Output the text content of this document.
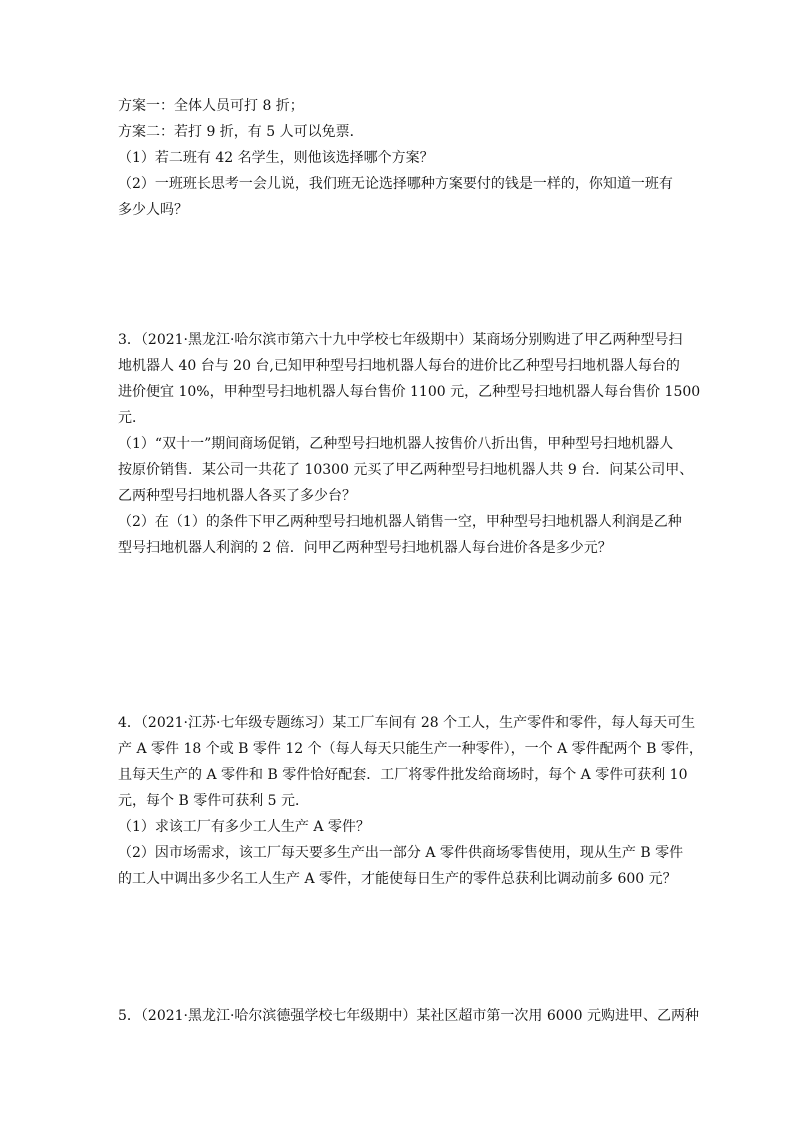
方案一：全体人员可打 8 折；
方案二：若打 9 折，有 5 人可以免票．
（1）若二班有 42 名学生，则他该选择哪个方案？
（2）一班班长思考一会儿说，我们班无论选择哪种方案要付的钱是一样的，你知道一班有
多少人吗？
3．（2021·黑龙江·哈尔滨市第六十九中学校七年级期中）某商场分别购进了甲乙两种型号扫
地机器人 40 台与 20 台,已知甲种型号扫地机器人每台的进价比乙种型号扫地机器人每台的
进价便宜 10%，甲种型号扫地机器人每台售价 1100 元，乙种型号扫地机器人每台售价 1500
元．
（1）“双十一”期间商场促销，乙种型号扫地机器人按售价八折出售，甲种型号扫地机器人
按原价销售．某公司一共花了 10300 元买了甲乙两种型号扫地机器人共 9 台．问某公司甲、
乙两种型号扫地机器人各买了多少台？
（2）在（1）的条件下甲乙两种型号扫地机器人销售一空，甲种型号扫地机器人利润是乙种
型号扫地机器人利润的 2 倍．问甲乙两种型号扫地机器人每台进价各是多少元？
4．（2021·江苏·七年级专题练习）某工厂车间有 28 个工人，生产零件和零件，每人每天可生
产 A 零件 18 个或 B 零件 12 个（每人每天只能生产一种零件），一个 A 零件配两个 B 零件，
且每天生产的 A 零件和 B 零件恰好配套．工厂将零件批发给商场时，每个 A 零件可获利 10
元，每个 B 零件可获利 5 元．
（1）求该工厂有多少工人生产 A 零件？
（2）因市场需求，该工厂每天要多生产出一部分 A 零件供商场零售使用，现从生产 B 零件
的工人中调出多少名工人生产 A 零件，才能使每日生产的零件总获利比调动前多 600 元？
5．（2021·黑龙江·哈尔滨德强学校七年级期中）某社区超市第一次用 6000 元购进甲、乙两种
